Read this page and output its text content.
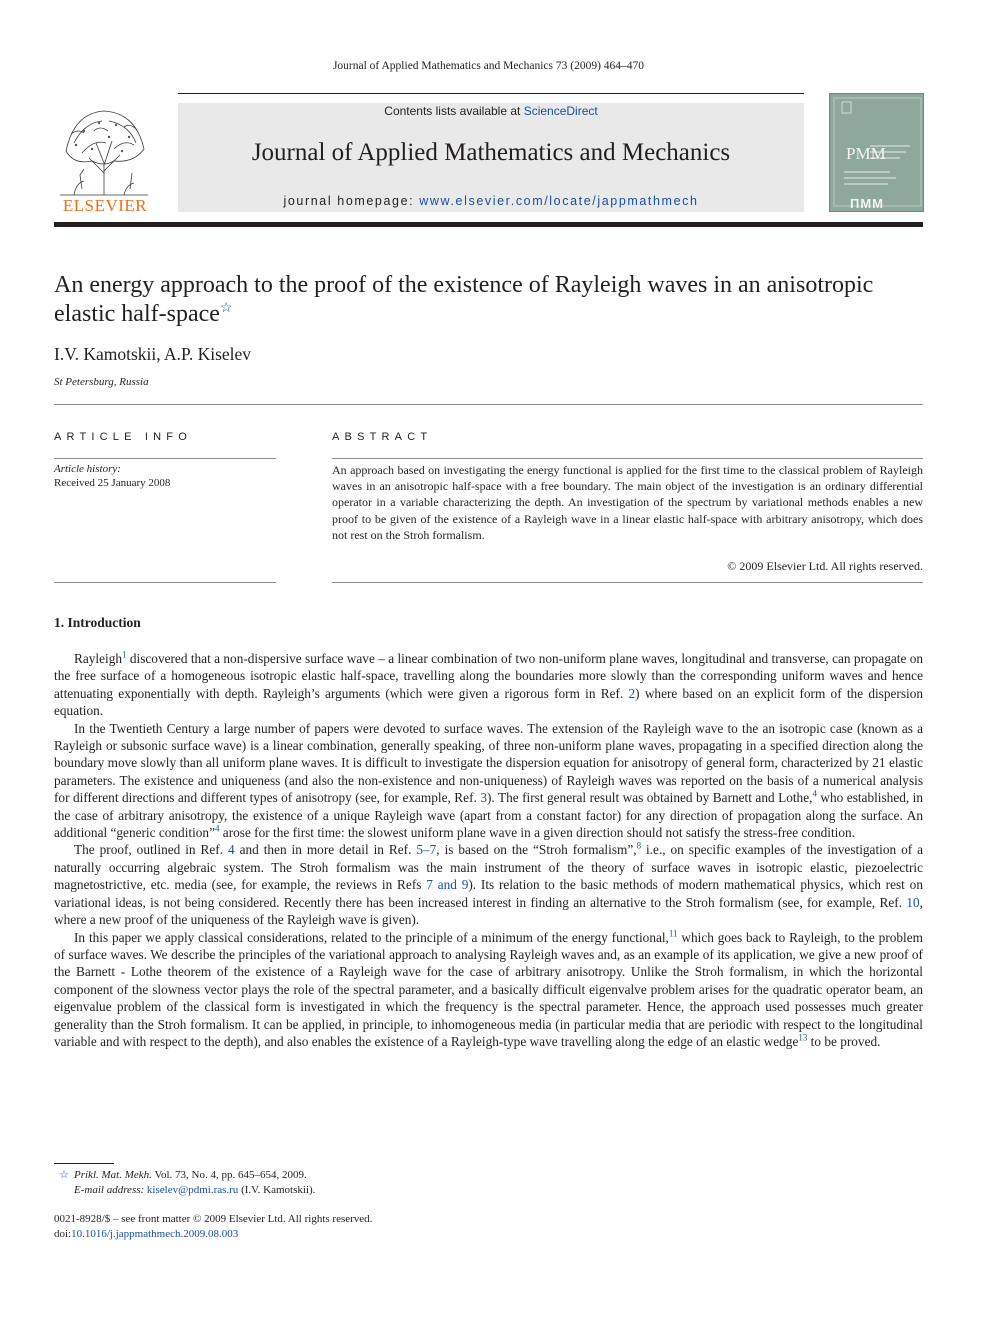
Journal of Applied Mathematics and Mechanics 73 (2009) 464–470
ELSEVIER
Contents lists available at ScienceDirect
Journal of Applied Mathematics and Mechanics
journal homepage: www.elsevier.com/locate/jappmathmech
PMM
ПММ
An energy approach to the proof of the existence of Rayleigh waves in an anisotropic elastic half-space☆
I.V. Kamotskii, A.P. Kiselev
St Petersburg, Russia
ARTICLE INFO
Article history:
Received 25 January 2008
ABSTRACT
An approach based on investigating the energy functional is applied for the first time to the classical problem of Rayleigh waves in an anisotropic half-space with a free boundary. The main object of the investigation is an ordinary differential operator in a variable characterizing the depth. An investigation of the spectrum by variational methods enables a new proof to be given of the existence of a Rayleigh wave in a linear elastic half-space with arbitrary anisotropy, which does not rest on the Stroh formalism.
© 2009 Elsevier Ltd. All rights reserved.
1. Introduction

Rayleigh$^1$ discovered that a non-dispersive surface wave – a linear combination of two non-uniform plane waves, longitudinal and transverse, can propagate on the free surface of a homogeneous isotropic elastic half-space, travelling along the boundaries more slowly than the corresponding uniform waves and hence attenuating exponentially with depth. Rayleigh’s arguments (which were given a rigorous form in Ref. 2) where based on an explicit form of the dispersion equation.

In the Twentieth Century a large number of papers were devoted to surface waves. The extension of the Rayleigh wave to the an isotropic case (known as a Rayleigh or subsonic surface wave) is a linear combination, generally speaking, of three non-uniform plane waves, propagating in a specified direction along the boundary move slowly than all uniform plane waves. It is difficult to investigate the dispersion equation for anisotropy of general form, characterized by 21 elastic parameters. The existence and uniqueness (and also the non-existence and non-uniqueness) of Rayleigh waves was reported on the basis of a numerical analysis for different directions and different types of anisotropy (see, for example, Ref. 3). The first general result was obtained by Barnett and Lothe,$^4$ who established, in the case of arbitrary anisotropy, the existence of a unique Rayleigh wave (apart from a constant factor) for any direction of propagation along the surface. An additional “generic condition”$^4$ arose for the first time: the slowest uniform plane wave in a given direction should not satisfy the stress-free condition.

The proof, outlined in Ref. 4 and then in more detail in Ref. 5–7, is based on the “Stroh formalism”,$^8$ i.e., on specific examples of the investigation of a naturally occurring algebraic system. The Stroh formalism was the main instrument of the theory of surface waves in isotropic elastic, piezoelectric magnetostrictive, etc. media (see, for example, the reviews in Refs 7 and 9). Its relation to the basic methods of modern mathematical physics, which rest on variational ideas, is not being considered. Recently there has been increased interest in finding an alternative to the Stroh formalism (see, for example, Ref. 10, where a new proof of the uniqueness of the Rayleigh wave is given).

In this paper we apply classical considerations, related to the principle of a minimum of the energy functional,$^{11}$ which goes back to Rayleigh, to the problem of surface waves. We describe the principles of the variational approach to analysing Rayleigh waves and, as an example of its application, we give a new proof of the Barnett - Lothe theorem of the existence of a Rayleigh wave for the case of arbitrary anisotropy. Unlike the Stroh formalism, in which the horizontal component of the slowness vector plays the role of the spectral parameter, and a basically difficult eigenvalve problem arises for the quadratic operator beam, an eigenvalue problem of the classical form is investigated in which the frequency is the spectral parameter. Hence, the approach used possesses much greater generality than the Stroh formalism. It can be applied, in principle, to inhomogeneous media (in particular media that are periodic with respect to the longitudinal variable and with respect to the depth), and also enables the existence of a Rayleigh-type wave travelling along the edge of an elastic wedge$^{13}$ to be proved.

☆ Prikl. Mat. Mekh. Vol. 73, No. 4, pp. 645–654, 2009.
E-mail address: kiselev@pdmi.ras.ru (I.V. Kamotskii).
0021-8928/$ – see front matter © 2009 Elsevier Ltd. All rights reserved.
doi:10.1016/j.jappmathmech.2009.08.003
